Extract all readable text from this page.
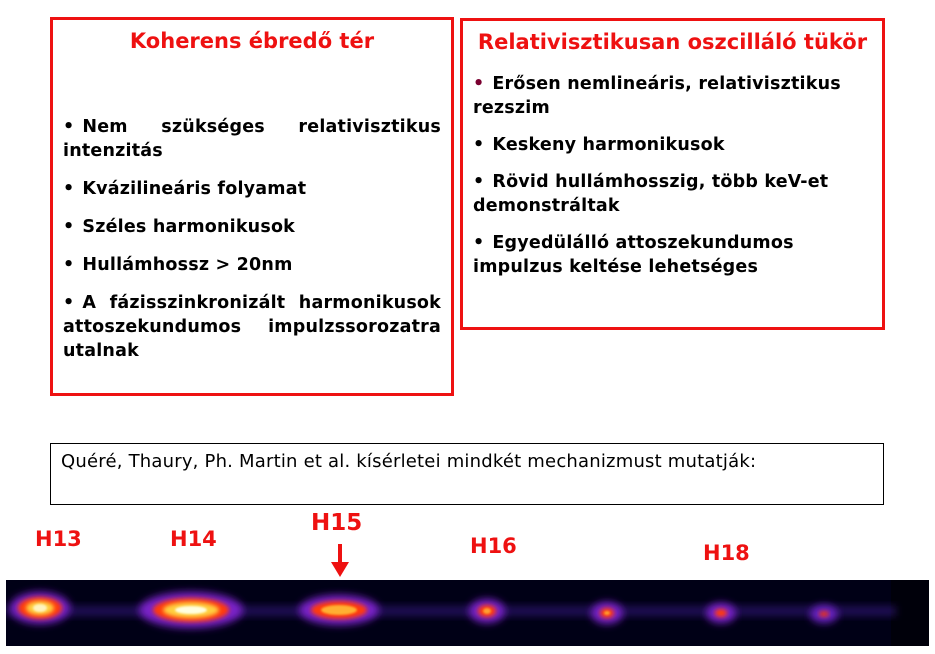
Koherens ébredő tér
• Nem szükséges relativisztikus intenzitás
• Kvázilineáris folyamat
• Széles harmonikusok
• Hullámhossz > 20nm
• A fázisszinkronizált harmonikusok attoszekundumos impulzssorozatra utalnak
Relativisztikusan oszcilláló tükör
• Erősen nemlineáris, relativisztikus rezszim
• Keskeny harmonikusok
• Rövid hullámhosszig, több keV-et demonstráltak
• Egyedülálló attoszekundumos impulzus keltése lehetséges
Quéré, Thaury, Ph. Martin et al. kísérletei mindkét mechanizmust mutatják:
H13	H14
H15
H16	H18
